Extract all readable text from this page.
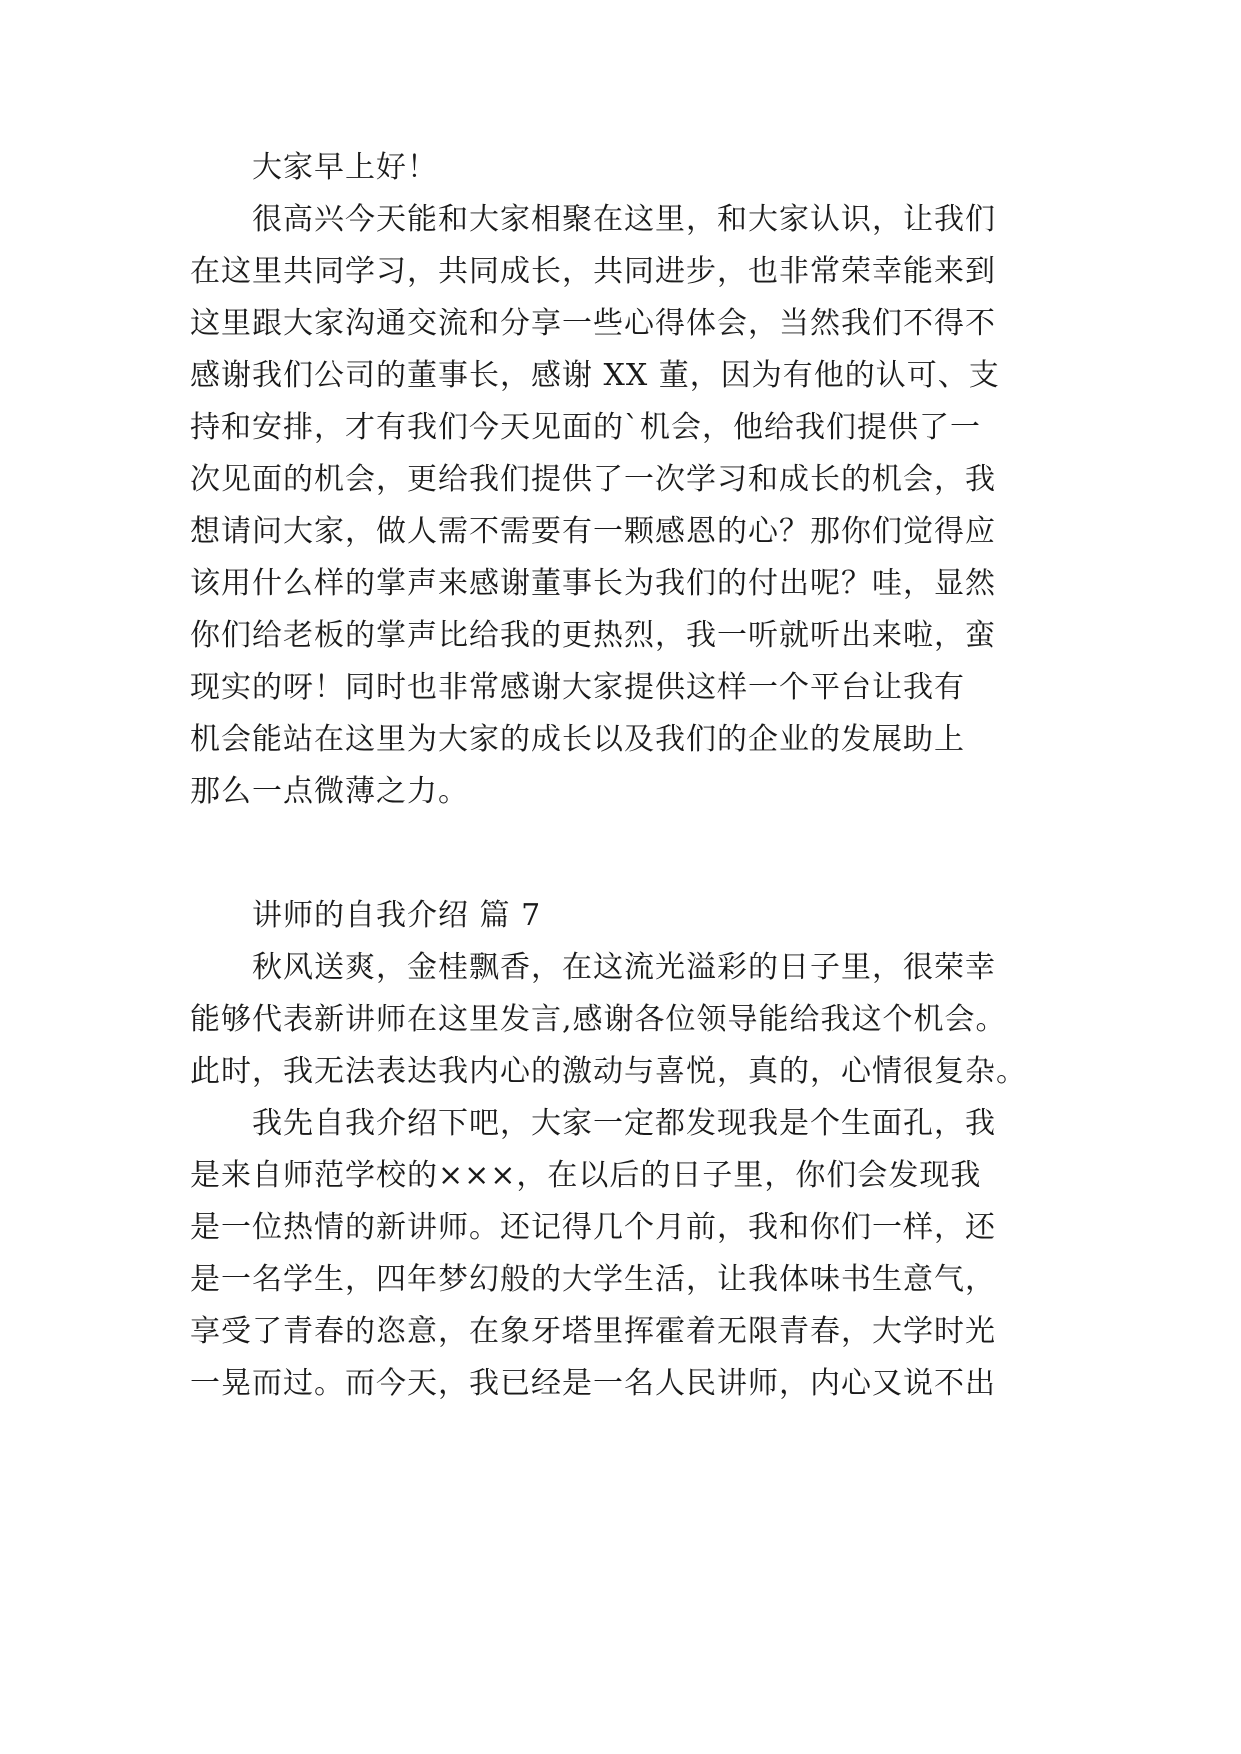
大家早上好！
很高兴今天能和大家相聚在这里，和大家认识，让我们
在这里共同学习，共同成长，共同进步，也非常荣幸能来到
这里跟大家沟通交流和分享一些心得体会，当然我们不得不
感谢我们公司的董事长，感谢 XX 董，因为有他的认可、支
持和安排，才有我们今天见面的`机会，他给我们提供了一
次见面的机会，更给我们提供了一次学习和成长的机会，我
想请问大家，做人需不需要有一颗感恩的心？那你们觉得应
该用什么样的掌声来感谢董事长为我们的付出呢？哇，显然
你们给老板的掌声比给我的更热烈，我一听就听出来啦，蛮
现实的呀！同时也非常感谢大家提供这样一个平台让我有
机会能站在这里为大家的成长以及我们的企业的发展助上
那么一点微薄之力。
讲师的自我介绍 篇 7
秋风送爽，金桂飘香，在这流光溢彩的日子里，很荣幸
能够代表新讲师在这里发言,感谢各位领导能给我这个机会。
此时，我无法表达我内心的激动与喜悦，真的，心情很复杂。
我先自我介绍下吧，大家一定都发现我是个生面孔，我
是来自师范学校的×××，在以后的日子里，你们会发现我
是一位热情的新讲师。还记得几个月前，我和你们一样，还
是一名学生，四年梦幻般的大学生活，让我体味书生意气，
享受了青春的恣意，在象牙塔里挥霍着无限青春，大学时光
一晃而过。而今天，我已经是一名人民讲师，内心又说不出
